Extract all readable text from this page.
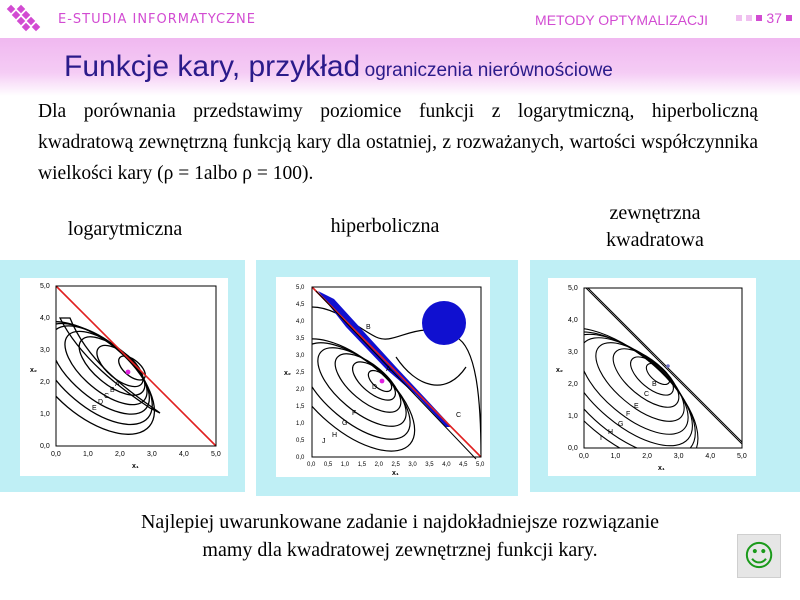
E-STUDIA INFORMATYCZNE	METODY OPTYMALIZACJI	37
Funkcje kary, przykład ograniczenia nierównościowe
Dla porównania przedstawimy poziomice funkcji z logarytmiczną, hiperboliczną kwadratową zewnętrzną funkcją kary dla ostatniej, z rozważanych, wartości współczynnika wielkości kary (ρ = 1albo ρ = 100).
logarytmiczna	hiperboliczna
zewnętrzna
kwadratowa
A
B
C
D
E
5,0
4,0
3,0
2,0
1,0
0,0
0,0	1,0	2,0	3,0	4,0	5,0
x₂
x₁
A
D
F
G
H
J
B
C
5,0
4,5
4,0
3,5
3,0
2,5
2,0
1,5
1,0
0,5
0,0
0,0 0,5 1,0 1,5 2,0 2,5 3,0 3,5 4,0 4,5 5,0
x₂
x₁
B
C
E
F
G
H
I
5,0
4,0
3,0
2,0
1,0
0,0
0,0	1,0	2,0	3,0	4,0	5,0
x₂
x₁
Najlepiej uwarunkowane zadanie i najdokładniejsze rozwiązanie
mamy dla kwadratowej zewnętrznej funkcji kary.	☺
